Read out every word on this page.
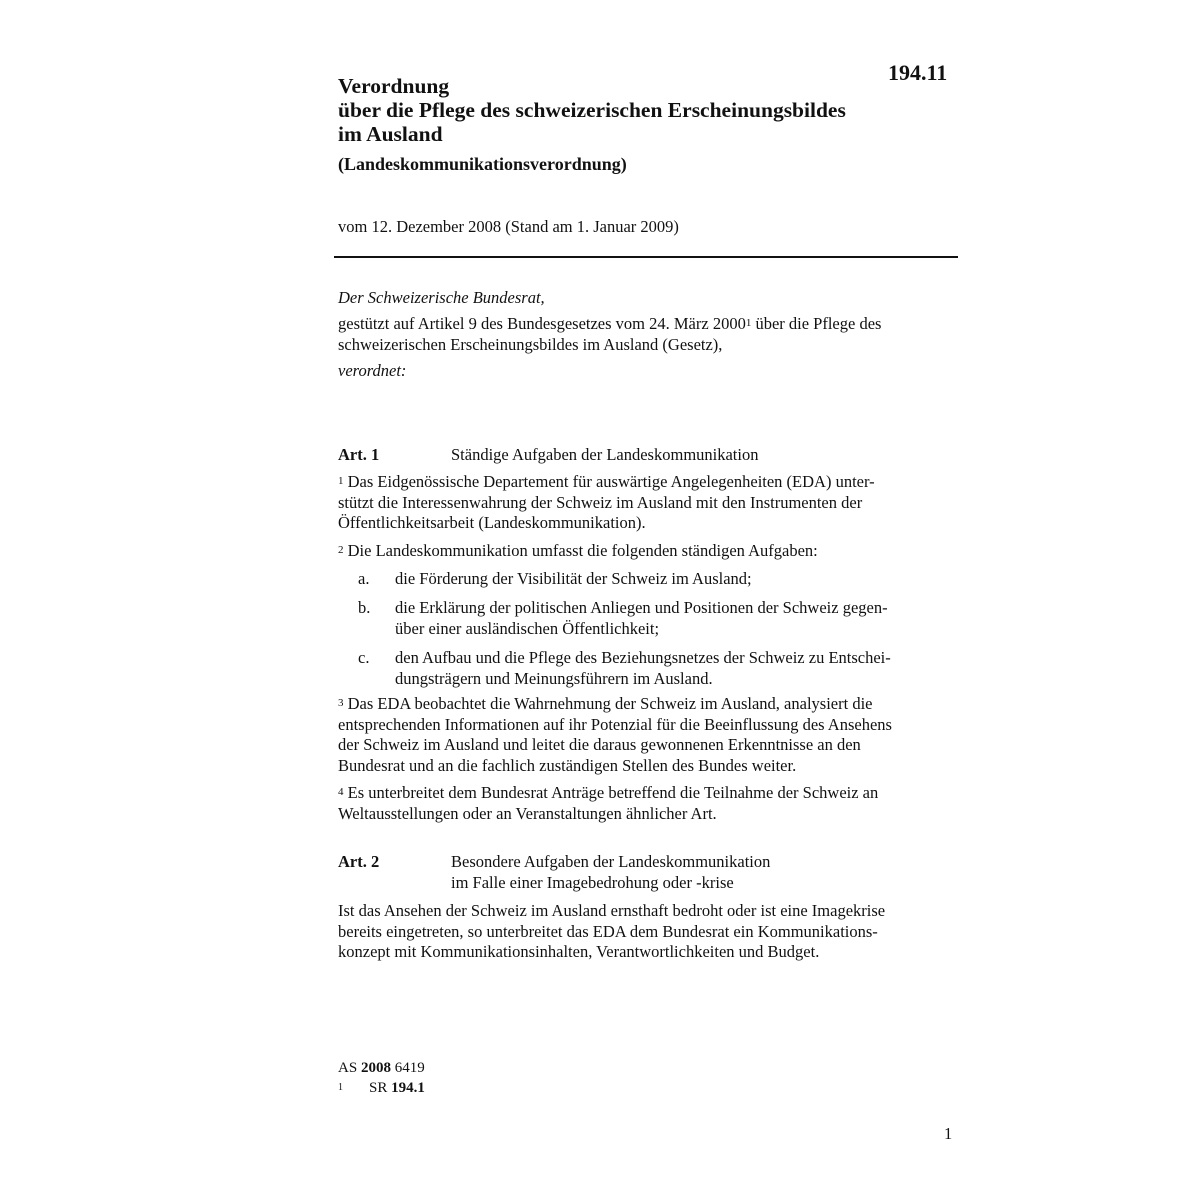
194.11
Verordnung
über die Pflege des schweizerischen Erscheinungsbildes
im Ausland
(Landeskommunikationsverordnung)
vom 12. Dezember 2008 (Stand am 1. Januar 2009)
Der Schweizerische Bundesrat,
gestützt auf Artikel 9 des Bundesgesetzes vom 24. März 2000$^1$ über die Pflege des
schweizerischen Erscheinungsbildes im Ausland (Gesetz),
verordnet:
Art. 1	Ständige Aufgaben der Landeskommunikation
$^1$ Das Eidgenössische Departement für auswärtige Angelegenheiten (EDA) unter-
stützt die Interessenwahrung der Schweiz im Ausland mit den Instrumenten der
Öffentlichkeitsarbeit (Landeskommunikation).
$^2$ Die Landeskommunikation umfasst die folgenden ständigen Aufgaben:
a. die Förderung der Visibilität der Schweiz im Ausland;
b. die Erklärung der politischen Anliegen und Positionen der Schweiz gegen-
über einer ausländischen Öffentlichkeit;
c. den Aufbau und die Pflege des Beziehungsnetzes der Schweiz zu Entschei-
dungsträgern und Meinungsführern im Ausland.
$^3$ Das EDA beobachtet die Wahrnehmung der Schweiz im Ausland, analysiert die
entsprechenden Informationen auf ihr Potenzial für die Beeinflussung des Ansehens
der Schweiz im Ausland und leitet die daraus gewonnenen Erkenntnisse an den
Bundesrat und an die fachlich zuständigen Stellen des Bundes weiter.
$^4$ Es unterbreitet dem Bundesrat Anträge betreffend die Teilnahme der Schweiz an
Weltausstellungen oder an Veranstaltungen ähnlicher Art.
Art. 2	Besondere Aufgaben der Landeskommunikation
im Falle einer Imagebedrohung oder -krise
Ist das Ansehen der Schweiz im Ausland ernsthaft bedroht oder ist eine Imagekrise
bereits eingetreten, so unterbreitet das EDA dem Bundesrat ein Kommunikations-
konzept mit Kommunikationsinhalten, Verantwortlichkeiten und Budget.
AS 2008 6419
$^1$ SR 194.1
1
